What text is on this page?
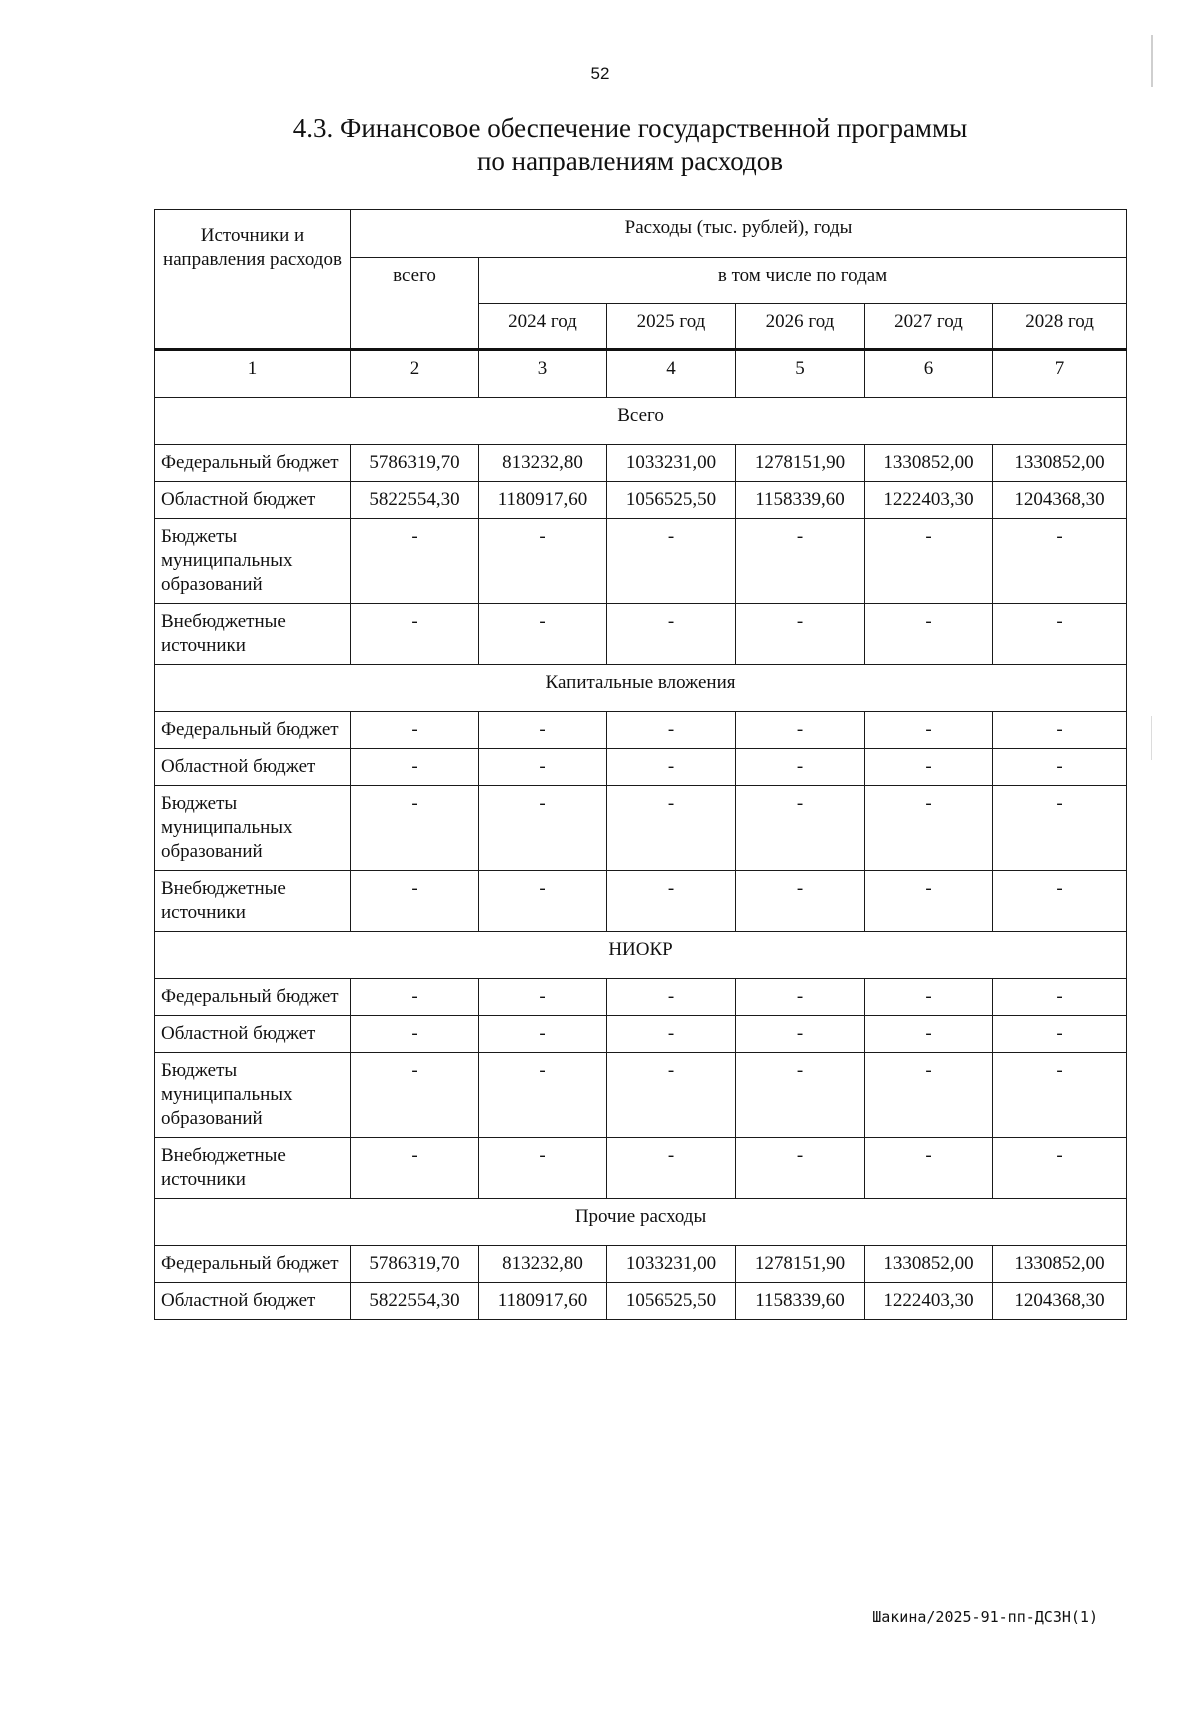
52
4.3. Финансовое обеспечение государственной программы
по направлениям расходов
Источники и направления расходов	Расходы (тыс. рублей), годы					
	всего	в том числе по годам				
		2024 год	2025 год	2026 год	2027 год	2028 год
1	2	3	4	5	6	7
Всего						
Федеральный бюджет	5786319,70	813232,80	1033231,00	1278151,90	1330852,00	1330852,00
Областной бюджет	5822554,30	1180917,60	1056525,50	1158339,60	1222403,30	1204368,30
Бюджеты муниципальных образований	-	-	-	-	-	-
Внебюджетные источники	-	-	-	-	-	-
Капитальные вложения						
Федеральный бюджет	-	-	-	-	-	-
Областной бюджет	-	-	-	-	-	-
Бюджеты муниципальных образований	-	-	-	-	-	-
Внебюджетные источники	-	-	-	-	-	-
НИОКР						
Федеральный бюджет	-	-	-	-	-	-
Областной бюджет	-	-	-	-	-	-
Бюджеты муниципальных образований	-	-	-	-	-	-
Внебюджетные источники	-	-	-	-	-	-
Прочие расходы						
Федеральный бюджет	5786319,70	813232,80	1033231,00	1278151,90	1330852,00	1330852,00
Областной бюджет	5822554,30	1180917,60	1056525,50	1158339,60	1222403,30	1204368,30
Шакина/2025-91-пп-ДСЗН(1)
